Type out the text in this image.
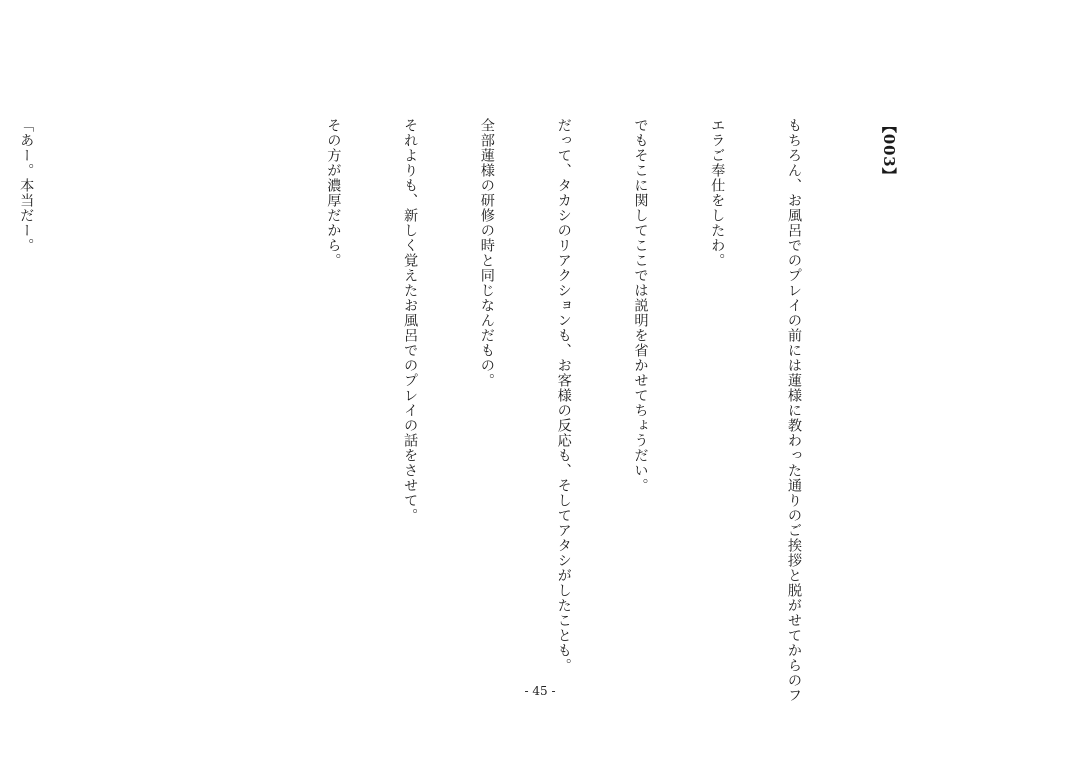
【003】

もちろん、お風呂でのプレイの前には蓮様に教わった通りのご挨拶と脱がせてからのフ

エラご奉仕をしたわ。

でもそこに関してここでは説明を省かせてちょうだい。

だって、タカシのリアクションも、お客様の反応も、そしてアタシがしたことも。

全部蓮様の研修の時と同じなんだもの。

それよりも、新しく覚えたお風呂でのプレイの話をさせて。

その方が濃厚だから。

「あー。本当だー。

- 45 -
